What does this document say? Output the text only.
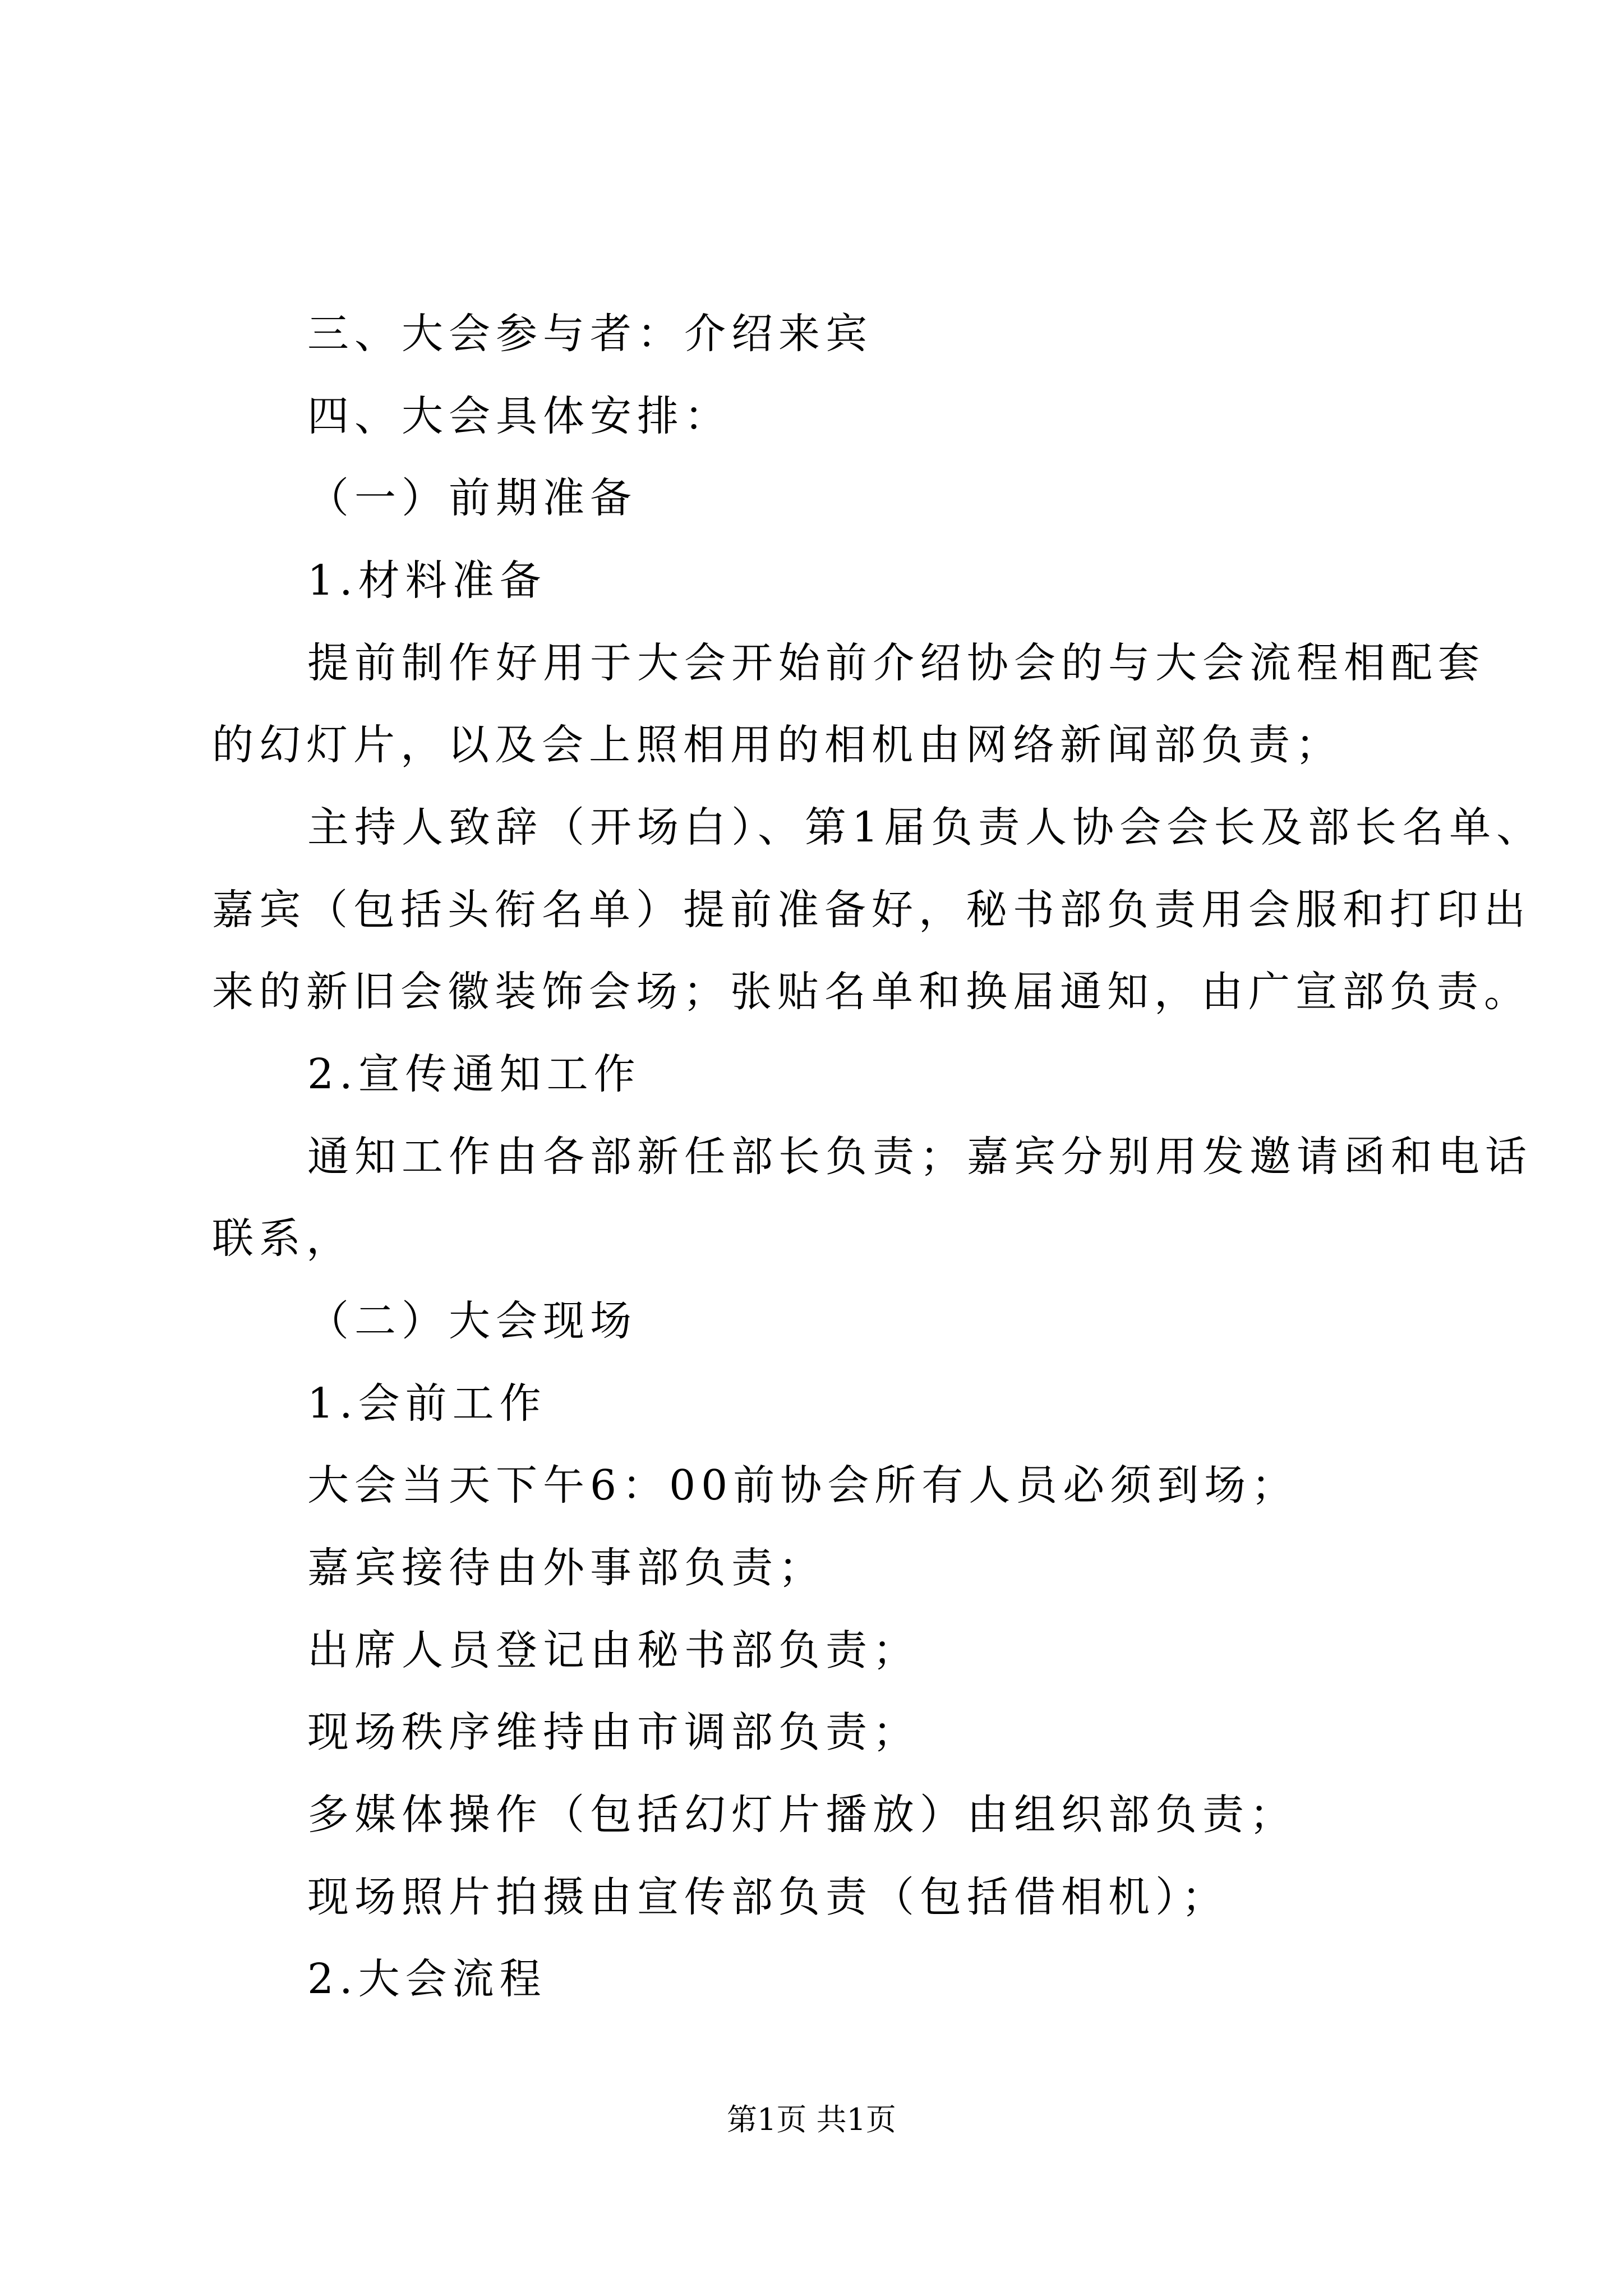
三、大会参与者：介绍来宾
四、大会具体安排：
（一）前期准备
1.材料准备
提前制作好用于大会开始前介绍协会的与大会流程相配套
的幻灯片，以及会上照相用的相机由网络新闻部负责；
主持人致辞（开场白）、第1届负责人协会会长及部长名单、
嘉宾（包括头衔名单）提前准备好，秘书部负责用会服和打印出
来的新旧会徽装饰会场；张贴名单和换届通知，由广宣部负责。
2.宣传通知工作
通知工作由各部新任部长负责；嘉宾分别用发邀请函和电话
联系，
（二）大会现场
1.会前工作
大会当天下午6：00前协会所有人员必须到场；
嘉宾接待由外事部负责；
出席人员登记由秘书部负责；
现场秩序维持由市调部负责；
多媒体操作（包括幻灯片播放）由组织部负责；
现场照片拍摄由宣传部负责（包括借相机）；
2.大会流程
第1页 共1页
